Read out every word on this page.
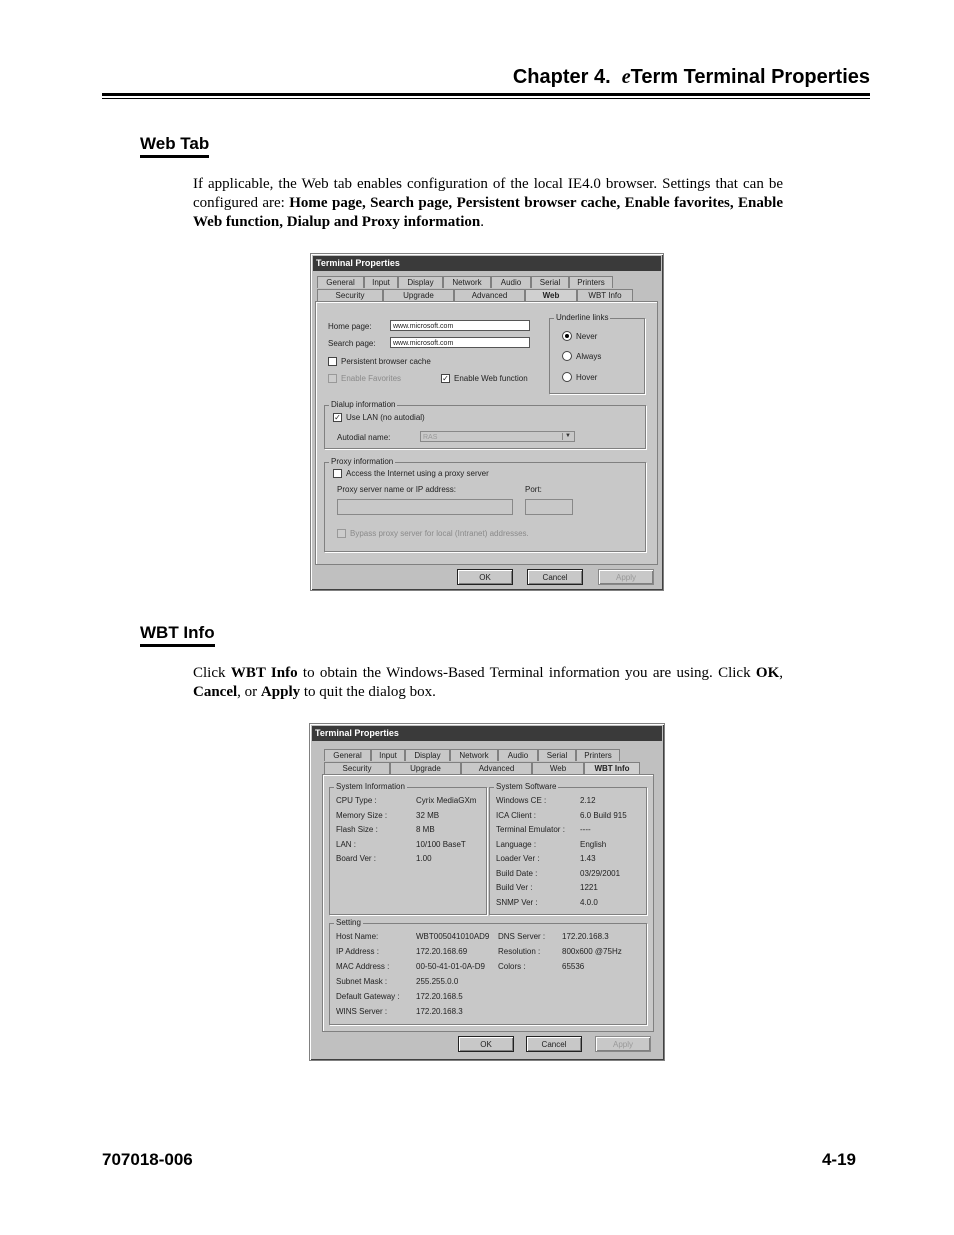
Chapter 4. eTerm Terminal Properties
Web Tab
If applicable, the Web tab enables configuration of the local IE4.0 browser. Settings that can be configured are: Home page, Search page, Persistent browser cache, Enable favorites, Enable Web function, Dialup and Proxy information.
Terminal Properties
General	Input	Display	Network	Audio	Serial	Printers
Security	Upgrade	Advanced	Web	WBT Info
Home page:	www.microsoft.com
Search page:	www.microsoft.com
Persistent browser cache
Enable Favorites	✓ Enable Web function
Underline links
Never
Always
Hover
Dialup information
✓ Use LAN (no autodial)
Autodial name:	RAS	▼
Proxy information
Access the Internet using a proxy server
Proxy server name or IP address:	Port:
Bypass proxy server for local (Intranet) addresses.
OK	Cancel	Apply
WBT Info
Click WBT Info to obtain the Windows-Based Terminal information you are using. Click OK, Cancel, or Apply to quit the dialog box.
Terminal Properties
General	Input	Display	Network	Audio	Serial	Printers
Security	Upgrade	Advanced	Web	WBT Info
System Information
CPU Type :	Cyrix MediaGXm
Memory Size :	32 MB
Flash Size :	8 MB
LAN :	10/100 BaseT
Board Ver :	1.00
System Software
Windows CE :	2.12
ICA Client :	6.0 Build 915
Terminal Emulator : ----
Language :	English
Loader Ver :	1.43
Build Date :	03/29/2001
Build Ver :	1221
SNMP Ver :	4.0.0
Setting
Host Name:	WBT005041010AD9
IP Address :	172.20.168.69
MAC Address :	00-50-41-01-0A-D9
Subnet Mask :	255.255.0.0
Default Gateway : 172.20.168.5
WINS Server :	172.20.168.3
DNS Server : 172.20.168.3
Resolution :	800x600 @75Hz
Colors :	65536
OK	Cancel	Apply
707018-006	4-19
